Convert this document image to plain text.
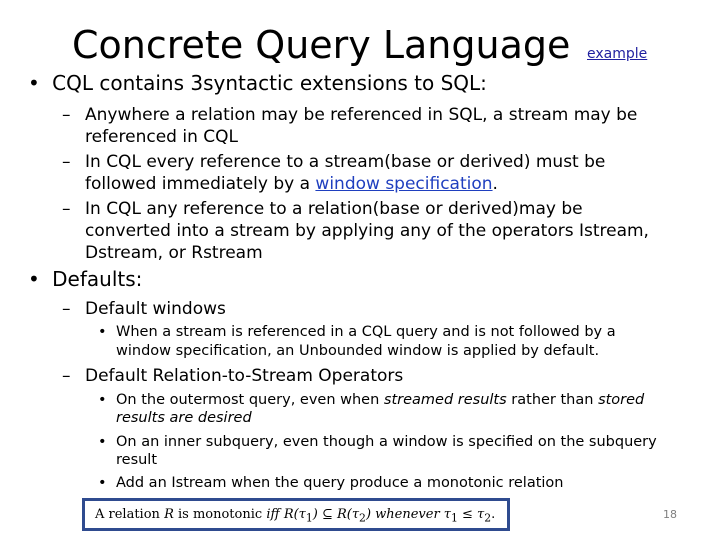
Concrete Query Language example
• CQL contains 3syntactic extensions to SQL:
– Anywhere a relation may be referenced in SQL, a stream may be
referenced in CQL
– In CQL every reference to a stream(base or derived) must be
followed immediately by a window specification.
– In CQL any reference to a relation(base or derived)may be
converted into a stream by applying any of the operators Istream,
Dstream, or Rstream
• Defaults:
– Default windows
• When a stream is referenced in a CQL query and is not followed by a
window specification, an Unbounded window is applied by default.
– Default Relation-to-Stream Operators
• On the outermost query, even when streamed results rather than stored
results are desired
• On an inner subquery, even though a window is specified on the subquery
result
• Add an Istream when the query produce a monotonic relation
A relation R is monotonic iff $R(\tau_1)$ ⊆ $R(\tau_2)$ whenever $\tau_1 \le \tau_2$.	18
